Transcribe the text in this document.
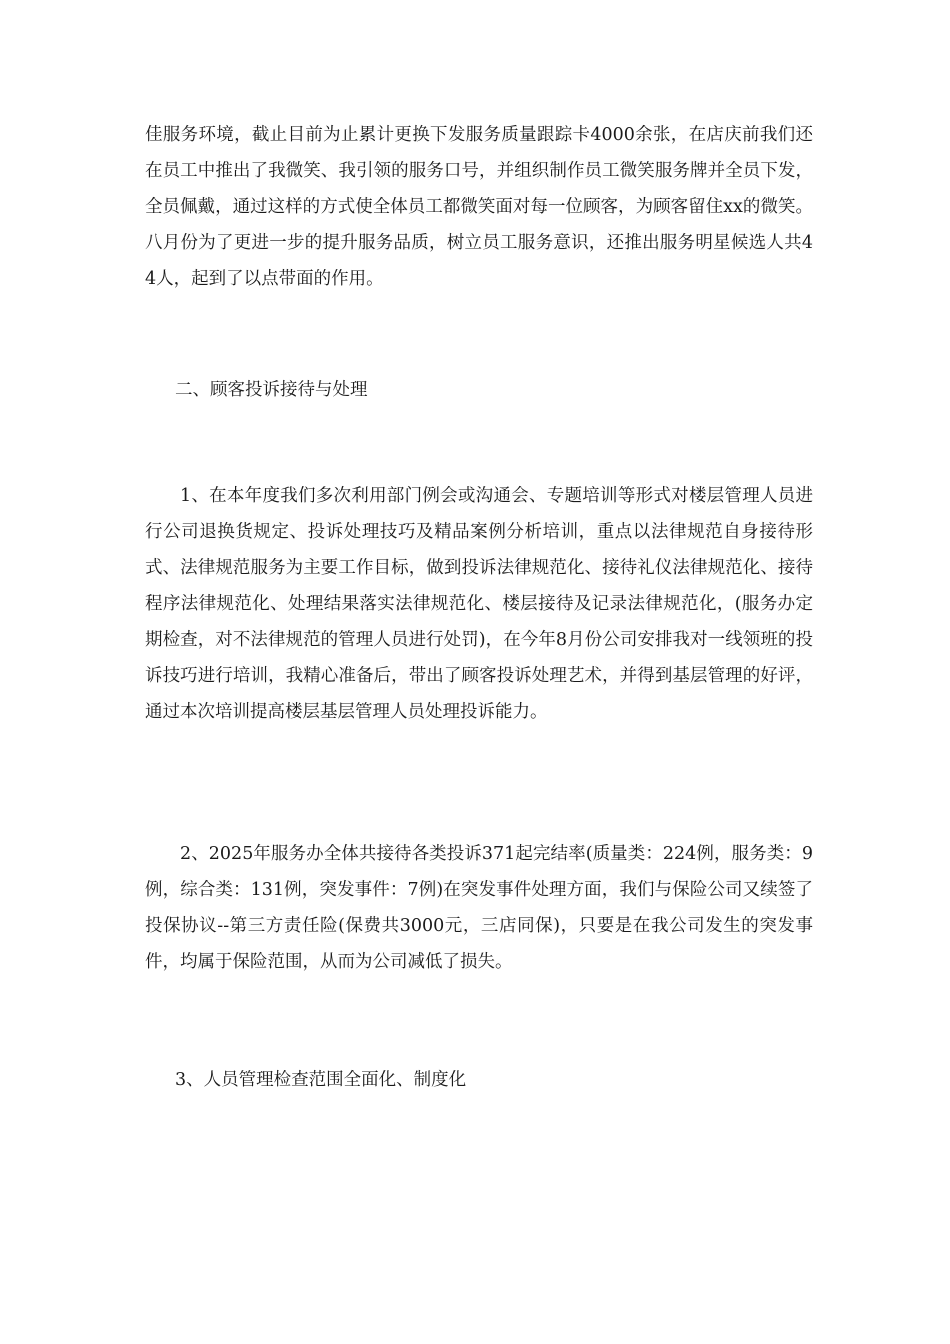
佳服务环境，截止目前为止累计更换下发服务质量跟踪卡4000余张，在店庆前我们还在员工中推出了我微笑、我引领的服务口号，并组织制作员工微笑服务牌并全员下发，全员佩戴，通过这样的方式使全体员工都微笑面对每一位顾客，为顾客留住xx的微笑。八月份为了更进一步的提升服务品质，树立员工服务意识，还推出服务明星候选人共44人，起到了以点带面的作用。

二、顾客投诉接待与处理

1、在本年度我们多次利用部门例会或沟通会、专题培训等形式对楼层管理人员进行公司退换货规定、投诉处理技巧及精品案例分析培训，重点以法律规范自身接待形式、法律规范服务为主要工作目标，做到投诉法律规范化、接待礼仪法律规范化、接待程序法律规范化、处理结果落实法律规范化、楼层接待及记录法律规范化，(服务办定期检查，对不法律规范的管理人员进行处罚)，在今年8月份公司安排我对一线领班的投诉技巧进行培训，我精心准备后，带出了顾客投诉处理艺术，并得到基层管理的好评，通过本次培训提高楼层基层管理人员处理投诉能力。

2、2025年服务办全体共接待各类投诉371起完结率(质量类：224例，服务类：9例，综合类：131例，突发事件：7例)在突发事件处理方面，我们与保险公司又续签了投保协议--第三方责任险(保费共3000元，三店同保)，只要是在我公司发生的突发事件，均属于保险范围，从而为公司减低了损失。

3、人员管理检查范围全面化、制度化
